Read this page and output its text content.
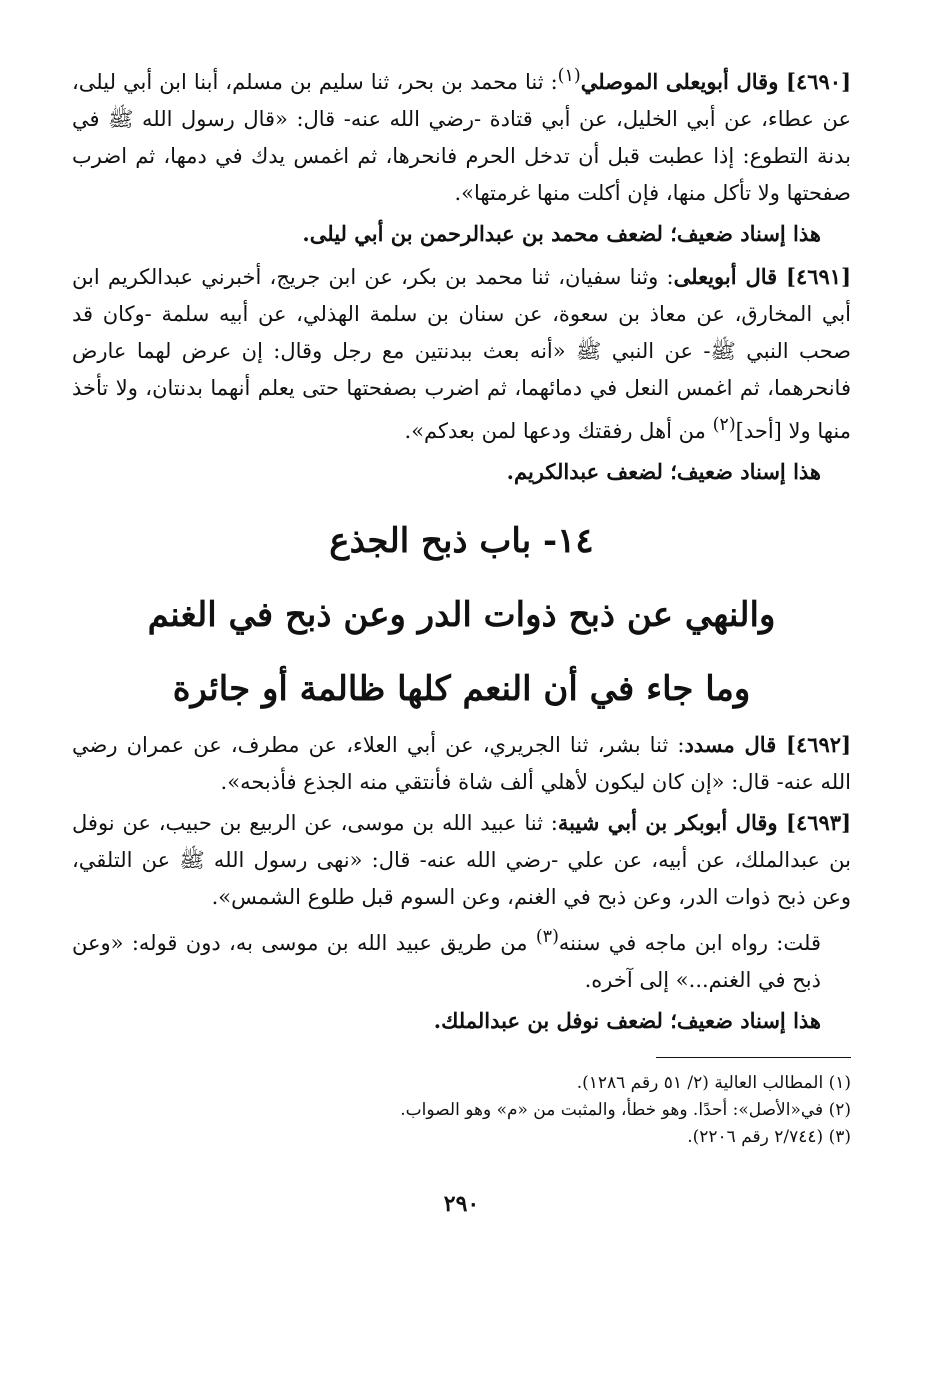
[٤٦٩٠] وقال أبويعلى الموصلي$^{(١)}$: ثنا محمد بن بحر، ثنا سليم بن مسلم، أبنا ابن أبي ليلى، عن عطاء، عن أبي الخليل، عن أبي قتادة -رضي الله عنه- قال: «قال رسول الله ﷺ في بدنة التطوع: إذا عطبت قبل أن تدخل الحرم فانحرها، ثم اغمس يدك في دمها، ثم اضرب صفحتها ولا تأكل منها، فإن أكلت منها غرمتها».

هذا إسناد ضعيف؛ لضعف محمد بن عبدالرحمن بن أبي ليلى.

[٤٦٩١] قال أبويعلى: وثنا سفيان، ثنا محمد بن بكر، عن ابن جريج، أخبرني عبدالكريم ابن أبي المخارق، عن معاذ بن سعوة، عن سنان بن سلمة الهذلي، عن أبيه سلمة -وكان قد صحب النبي ﷺ- عن النبي ﷺ «أنه بعث ببدنتين مع رجل وقال: إن عرض لهما عارض فانحرهما، ثم اغمس النعل في دمائهما، ثم اضرب بصفحتها حتى يعلم أنهما بدنتان، ولا تأخذ منها ولا [أحد]$^{(٢)}$ من أهل رفقتك ودعها لمن بعدكم».

هذا إسناد ضعيف؛ لضعف عبدالكريم.

١٤- باب ذبح الجذع
والنهي عن ذبح ذوات الدر وعن ذبح في الغنم
وما جاء في أن النعم كلها ظالمة أو جائرة

[٤٦٩٢] قال مسدد: ثنا بشر، ثنا الجريري، عن أبي العلاء، عن مطرف، عن عمران رضي الله عنه- قال: «إن كان ليكون لأهلي ألف شاة فأنتقي منه الجذع فأذبحه».

[٤٦٩٣] وقال أبوبكر بن أبي شيبة: ثنا عبيد الله بن موسى، عن الربيع بن حبيب، عن نوفل بن عبدالملك، عن أبيه، عن علي -رضي الله عنه- قال: «نهى رسول الله ﷺ عن التلقي، وعن ذبح ذوات الدر، وعن ذبح في الغنم، وعن السوم قبل طلوع الشمس».

قلت: رواه ابن ماجه في سننه$^{(٣)}$ من طريق عبيد الله بن موسى به، دون قوله: «وعن ذبح في الغنم...» إلى آخره.

هذا إسناد ضعيف؛ لضعف نوفل بن عبدالملك.

(١) المطالب العالية (٢/ ٥١ رقم ١٢٨٦).

(٢) في«الأصل»: أحدًا. وهو خطأ، والمثبت من «م» وهو الصواب.

(٣) (٢/٧٤٤ رقم ٢٢٠٦).

٢٩٠
